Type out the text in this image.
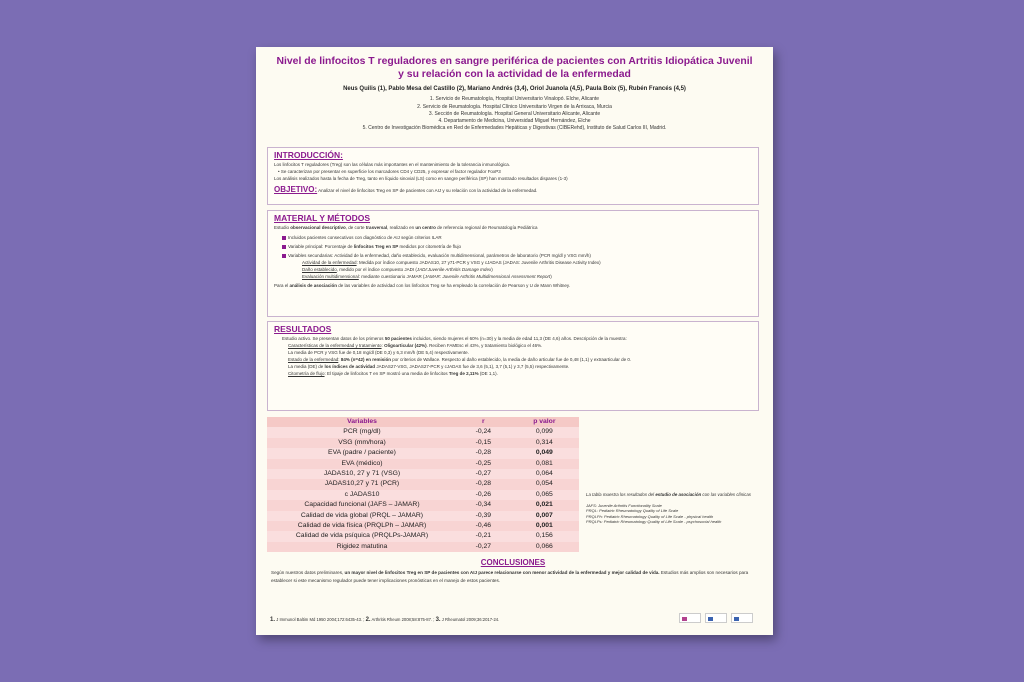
Nivel de linfocitos T reguladores en sangre periférica de pacientes con Artritis Idiopática Juvenil
y su relación con la actividad de la enfermedad
Neus Quilis (1), Pablo Mesa del Castillo (2), Mariano Andrés (3,4), Oriol Juanola (4,5), Paula Boix (5), Rubén Francés (4,5)
1. Servicio de Reumatología, Hospital Universitario Vinalopó. Elche, Alicante
2. Servicio de Reumatología. Hospital Clínico Universitario Virgen de la Arrixaca, Murcia
3. Sección de Reumatología. Hospital General Universitario Alicante, Alicante
4. Departamento de Medicina, Universidad Miguel Hernández, Elche
5. Centro de Investigación Biomédica en Red de Enfermedades Hepáticas y Digestivas (CIBERehd), Instituto de Salud Carlos III, Madrid.
INTRODUCCIÓN:
Los linfocitos T reguladores (Treg) son las células más importantes en el mantenimiento de la tolerancia inmunológica.
• Se caracterizan por presentar en superficie los marcadores CD4 y CD25, y expresar el factor regulador FoxP3
Los análisis realizados hasta la fecha de Treg, tanto en líquido sinovial (LS) como en sangre periférica (SP) han mostrado resultados dispares (1-3)
OBJETIVO: Analizar el nivel de linfocitos Treg en SP de pacientes con AIJ y su relación con la actividad de la enfermedad.
MATERIAL Y MÉTODOS
Estudio observacional descriptivo, de corte trasversal, realizado en un centro de referencia regional de Reumatología Pediátrica
Incluidos pacientes consecutivos con diagnóstico de AIJ según criterios ILAR
Variable principal: Porcentaje de linfocitos Treg en SP medidos por citometría de flujo
Variables secundarias: Actividad de la enfermedad, daño establecido, evaluación multidimensional, parámetros de laboratorio (PCR mg/dl y VSG mm/h)
Actividad de la enfermedad: Medida por índice compuesto JADAS10, 27 y71-PCR y VSG y cJADAS (JADAS: Juvenile Arthritis Disease Activity Index)
Daño establecido, medido por el índice compuesto JADI (JADI:Juvenile Arthritis Damage Index)
Evaluación multidimensional: mediante cuestionario JAMAR (JAMAR: Juvenile Arthritis Multidimensional Assessment Report)
Para el análisis de asociación de las variables de actividad con los linfocitos Treg se ha empleado la correlación de Pearson y U de Mann Whitney.
RESULTADOS
Estudio activo. Se presentan datos de los primeros 50 pacientes incluidos, siendo mujeres el 60% (n=30) y la media de edad 11,3 (DE 4,6) años. Descripción de la muestra:
Características de la enfermedad y tratamiento: Oligoarticular (42%). Reciben FAMEsc el 43%, y tratamiento biológico el 46%.
La media de PCR y VSG fue de 0,18 mg/dl (DE 0,3) y 6,3 mm/h (DE 5,4) respectivamente.
Estado de la enfermedad: 84% (n=42) en remisión por criterios de Wallace. Respecto al daño establecido, la media de daño articular fue de 0,48 (1,1) y extraarticular de 0.
La media (DE) de los índices de actividad JADAS27-VSG, JADAS27-PCR y cJADAS fue de 3,6 (5,1), 3,7 (5,1) y 3,7 (5,5) respectivamente.
Citometría de flujo: El tipaje de linfocitos T en SP mostró una media de linfocitos Treg de 2,11% (DE 1,1).
Variables	r	p valor
PCR (mg/dl)	-0,24	0,099
VSG (mm/hora)	-0,15	0,314
EVA (padre / paciente)	-0,28	0,049
EVA (médico)	-0,25	0,081
JADAS10, 27 y 71 (VSG)	-0,27	0,064
JADAS10,27 y 71 (PCR)	-0,28	0,054
c JADAS10	-0,26	0,065
Capacidad funcional (JAFS – JAMAR)	-0,34	0,021
Calidad de vida global (PRQL – JAMAR)	-0,39	0,007
Calidad de vida física (PRQLPh – JAMAR)	-0,46	0,001
Calidad de vida psíquica (PRQLPs-JAMAR)	-0,21	0,156
Rigidez matutina	-0,27	0,066
La tabla muestra los resultados del estudio de asociación con las variables clínicas
JAFS: Juvenile Arthritis Functionality Scale
PRQL: Pediatric Rheumatology Quality of Life Scale
PRQLPh: Pediatric Rheumatology Quality of Life Scale - physical health
PRQLPs: Pediatric Rheumatology Quality of Life Scale - psychosocial health
CONCLUSIONES
Según nuestros datos preliminares, un mayor nivel de linfocitos Treg en SP de pacientes con AIJ parece relacionarse con menor actividad de la enfermedad y mejor calidad de vida. Estudios más amplios son necesarios para establecer si este mecanismo regulador puede tener implicaciones pronósticas en el manejo de estos pacientes.
1. J Immunol Baltim Md 1950 2004;172:6435-43. ; 2. Arthritis Rheum 2008;58:875-87. ; 3. J Rheumatol 2009;36:2017-24.
